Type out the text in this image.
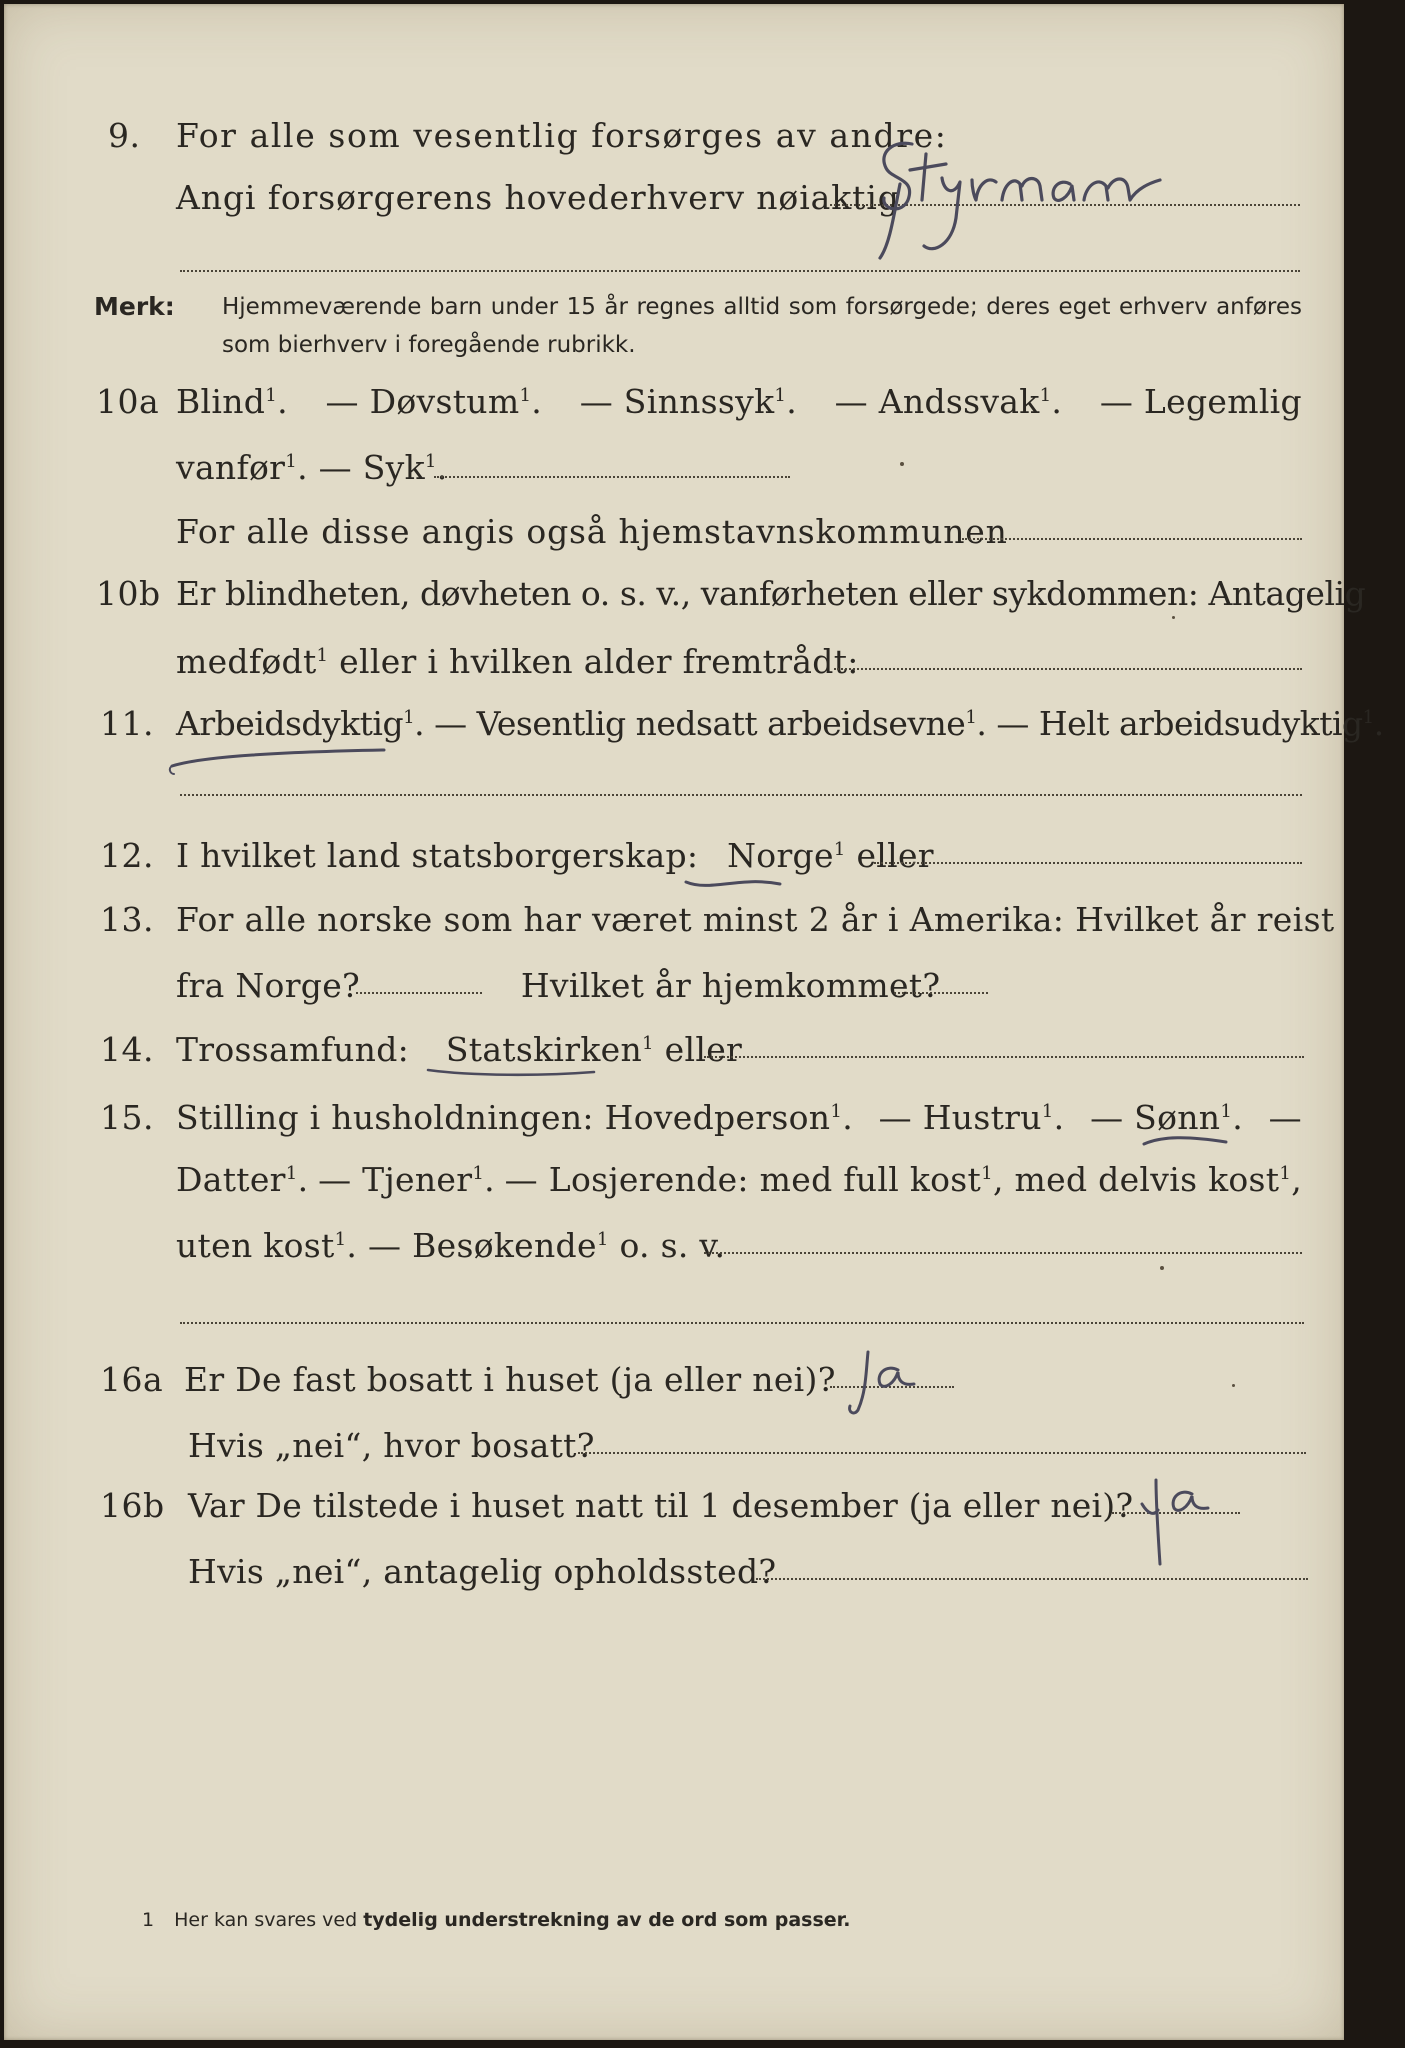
9. For alle som vesentlig forsørges av andre:
Angi forsørgerens hovederhverv nøiaktig
Merk: Hjemmeværende barn under 15 år regnes alltid som forsørgede; deres eget erhverv anføres som bierhverv i foregående rubrikk.
10a Blind$^1$. — Døvstum$^1$. — Sinnssyk$^1$. — Andssvak$^1$. — Legemlig
vanfør$^1$. — Syk$^1$.
For alle disse angis også hjemstavnskommunen
10b Er blindheten, døvheten o. s. v., vanførheten eller sykdommen: Antagelig
medfødt$^1$ eller i hvilken alder fremtrådt:
11. Arbeidsdyktig$^1$. — Vesentlig nedsatt arbeidsevne$^1$. — Helt arbeidsudyktig$^1$.
12. I hvilket land statsborgerskap: Norge$^1$ eller
13. For alle norske som har været minst 2 år i Amerika: Hvilket år reist
fra Norge?	Hvilket år hjemkommet?
14. Trossamfund: Statskirken$^1$ eller
15. Stilling i husholdningen: Hovedperson$^1$. — Hustru$^1$. — Sønn$^1$. —
Datter$^1$. — Tjener$^1$. — Losjerende: med full kost$^1$, med delvis kost$^1$,
uten kost$^1$. — Besøkende$^1$ o. s. v.
16a Er De fast bosatt i huset (ja eller nei)?
Hvis „nei“, hvor bosatt?
16b Var De tilstede i huset natt til 1 desember (ja eller nei)?
Hvis „nei“, antagelig opholdssted?
1 Her kan svares ved tydelig understrekning av de ord som passer.
